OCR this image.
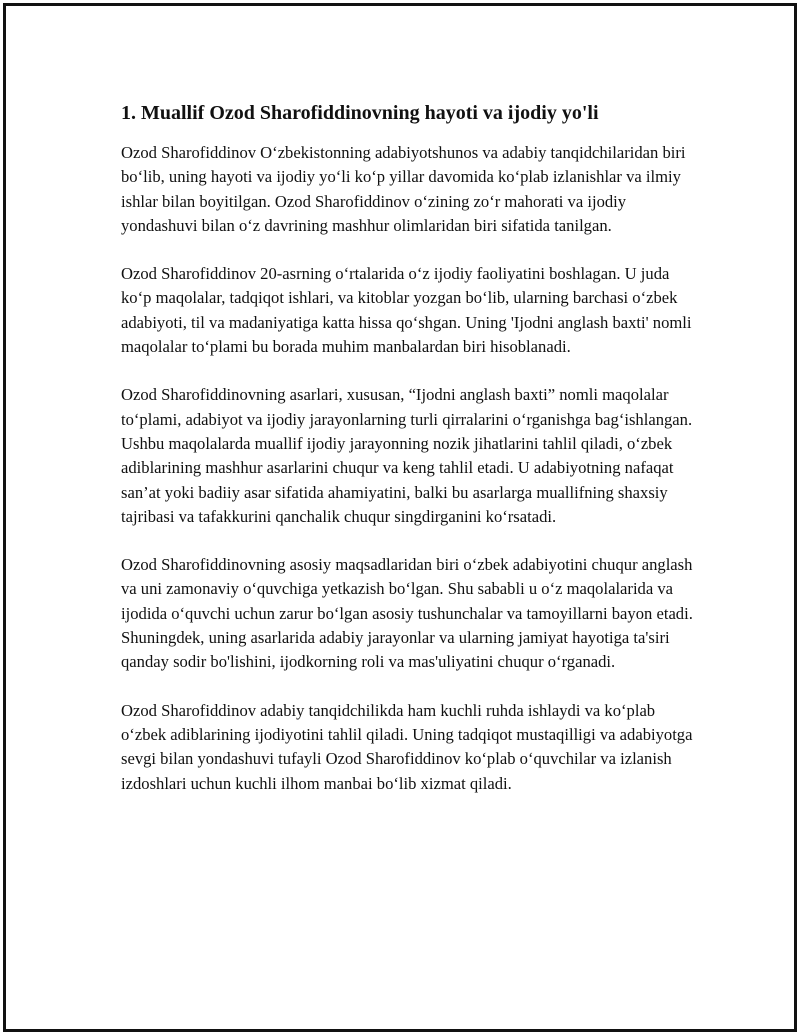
1. Muallif Ozod Sharofiddinovning hayoti va ijodiy yo'li

Ozod Sharofiddinov O‘zbekistonning adabiyotshunos va adabiy tanqidchilaridan biri bo‘lib, uning hayoti va ijodiy yo‘li ko‘p yillar davomida ko‘plab izlanishlar va ilmiy ishlar bilan boyitilgan. Ozod Sharofiddinov o‘zining zo‘r mahorati va ijodiy yondashuvi bilan o‘z davrining mashhur olimlaridan biri sifatida tanilgan.

Ozod Sharofiddinov 20-asrning o‘rtalarida o‘z ijodiy faoliyatini boshlagan. U juda ko‘p maqolalar, tadqiqot ishlari, va kitoblar yozgan bo‘lib, ularning barchasi o‘zbek adabiyoti, til va madaniyatiga katta hissa qo‘shgan. Uning 'Ijodni anglash baxti' nomli maqolalar to‘plami bu borada muhim manbalardan biri hisoblanadi.

Ozod Sharofiddinovning asarlari, xususan, “Ijodni anglash baxti” nomli maqolalar to‘plami, adabiyot va ijodiy jarayonlarning turli qirralarini o‘rganishga bag‘ishlangan. Ushbu maqolalarda muallif ijodiy jarayonning nozik jihatlarini tahlil qiladi, o‘zbek adiblarining mashhur asarlarini chuqur va keng tahlil etadi. U adabiyotning nafaqat san’at yoki badiiy asar sifatida ahamiyatini, balki bu asarlarga muallifning shaxsiy tajribasi va tafakkurini qanchalik chuqur singdirganini ko‘rsatadi.

Ozod Sharofiddinovning asosiy maqsadlaridan biri o‘zbek adabiyotini chuqur anglash va uni zamonaviy o‘quvchiga yetkazish bo‘lgan. Shu sababli u o‘z maqolalarida va ijodida o‘quvchi uchun zarur bo‘lgan asosiy tushunchalar va tamoyillarni bayon etadi. Shuningdek, uning asarlarida adabiy jarayonlar va ularning jamiyat hayotiga ta'siri qanday sodir bo'lishini, ijodkorning roli va mas'uliyatini chuqur o‘rganadi.

Ozod Sharofiddinov adabiy tanqidchilikda ham kuchli ruhda ishlaydi va ko‘plab o‘zbek adiblarining ijodiyotini tahlil qiladi. Uning tadqiqot mustaqilligi va adabiyotga sevgi bilan yondashuvi tufayli Ozod Sharofiddinov ko‘plab o‘quvchilar va izlanish izdoshlari uchun kuchli ilhom manbai bo‘lib xizmat qiladi.
